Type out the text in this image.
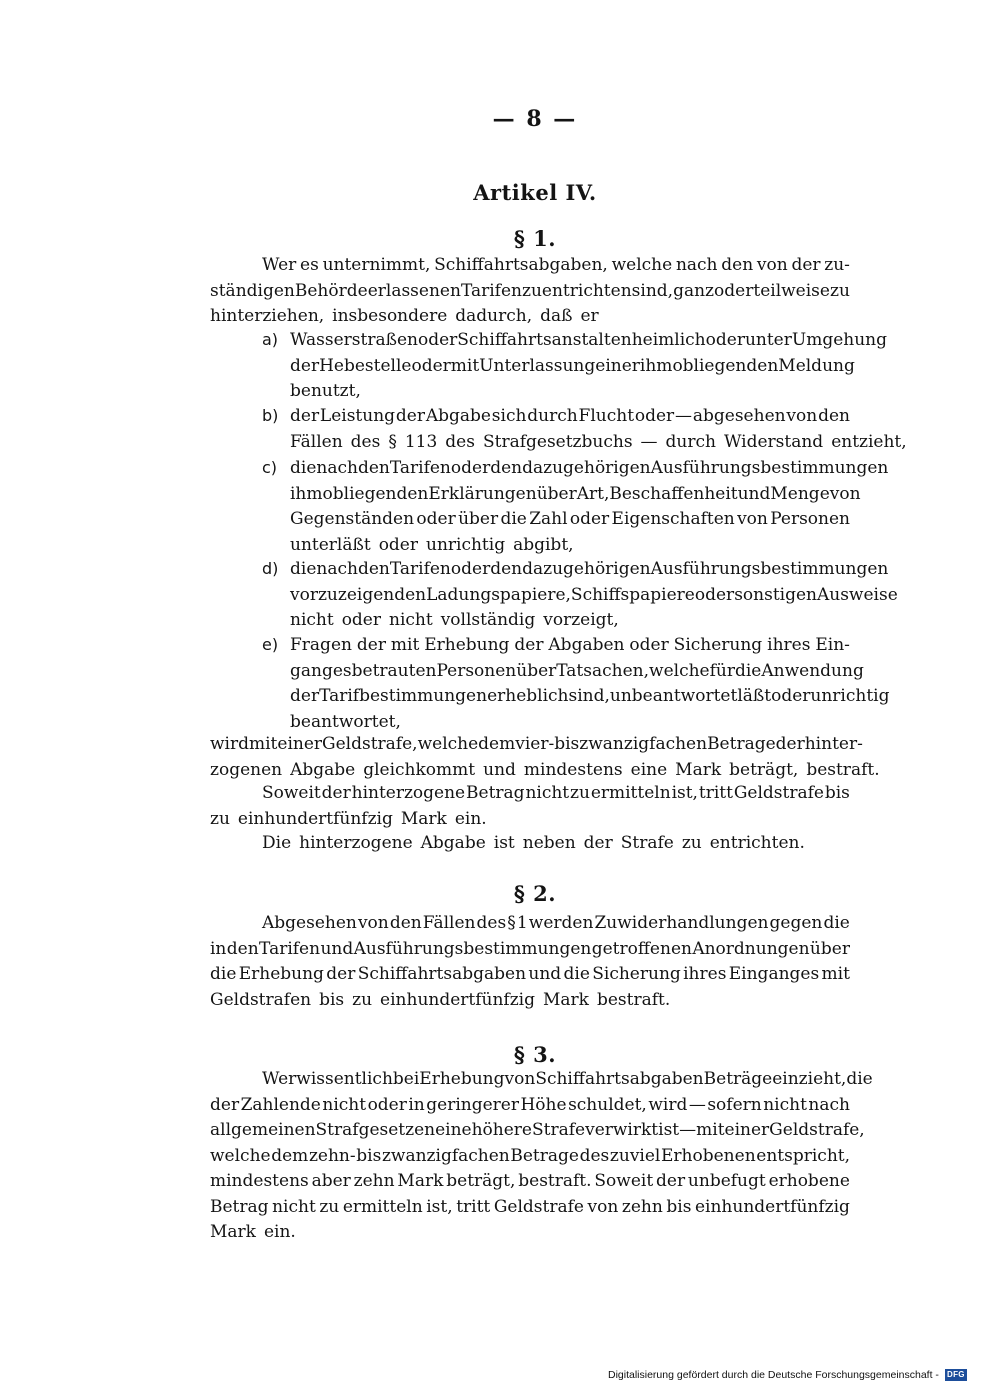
— 8 —
Artikel IV.
§ 1.
§ 2.
§ 3.
Wer es unternimmt, Schiffahrtsabgaben, welche nach den von der zu-
ständigen Behörde erlassenen Tarifen zu entrichten sind, ganz oder teilweise zu
hinterziehen, insbesondere dadurch, daß er
a) Wasserstraßen oder Schiffahrtsanstalten heimlich oder unter Umgehung
der Hebestelle oder mit Unterlassung einer ihm obliegenden Meldung
benutzt,
b) der Leistung der Abgabe sich durch Flucht oder — abgesehen von den
Fällen des § 113 des Strafgesetzbuchs — durch Widerstand entzieht,
c) die nach den Tarifen oder den dazu gehörigen Ausführungsbestimmungen
ihm obliegenden Erklärungen über Art, Beschaffenheit und Menge von
Gegenständen oder über die Zahl oder Eigenschaften von Personen
unterläßt oder unrichtig abgibt,
d) die nach den Tarifen oder den dazu gehörigen Ausführungsbestimmungen
vorzuzeigenden Ladungspapiere, Schiffspapiere oder sonstigen Ausweise
nicht oder nicht vollständig vorzeigt,
e) Fragen der mit Erhebung der Abgaben oder Sicherung ihres Ein-
ganges betrauten Personen über Tatsachen, welche für die Anwendung
der Tarifbestimmungen erheblich sind, unbeantwortet läßt oder unrichtig
beantwortet,
wird mit einer Geldstrafe, welche dem vier- bis zwanzigfachen Betrage der hinter-
zogenen Abgabe gleichkommt und mindestens eine Mark beträgt, bestraft.
Soweit der hinterzogene Betrag nicht zu ermitteln ist, tritt Geldstrafe bis
zu einhundertfünfzig Mark ein.
Die hinterzogene Abgabe ist neben der Strafe zu entrichten.
Abgesehen von den Fällen des § 1 werden Zuwiderhandlungen gegen die
in den Tarifen und Ausführungsbestimmungen getroffenen Anordnungen über
die Erhebung der Schiffahrtsabgaben und die Sicherung ihres Einganges mit
Geldstrafen bis zu einhundertfünfzig Mark bestraft.
Wer wissentlich bei Erhebung von Schiffahrtsabgaben Beträge einzieht, die
der Zahlende nicht oder in geringerer Höhe schuldet, wird — sofern nicht nach
allgemeinen Strafgesetzen eine höhere Strafe verwirkt ist — mit einer Geldstrafe,
welche dem zehn- bis zwanzigfachen Betrage des zuviel Erhobenen entspricht,
mindestens aber zehn Mark beträgt, bestraft. Soweit der unbefugt erhobene
Betrag nicht zu ermitteln ist, tritt Geldstrafe von zehn bis einhundertfünfzig
Mark ein.
Digitalisierung gefördert durch die Deutsche Forschungsgemeinschaft - DFG
